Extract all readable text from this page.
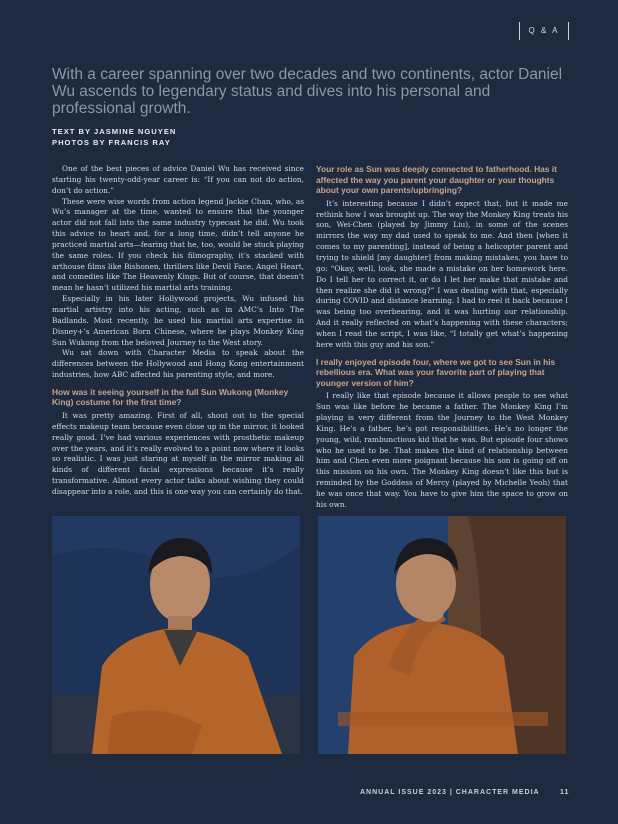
Q & A
With a career spanning over two decades and two continents, actor Daniel Wu ascends to legendary status and dives into his personal and professional growth.
TEXT BY JASMINE NGUYEN
PHOTOS BY FRANCIS RAY

One of the best pieces of advice Daniel Wu has received since starting his twenty-odd-year career is: “If you can not do action, don’t do action.”

These were wise words from action legend Jackie Chan, who, as Wu’s manager at the time, wanted to ensure that the younger actor did not fall into the same industry typecast he did. Wu took this advice to heart and, for a long time, didn’t tell anyone he practiced martial arts—fearing that he, too, would be stuck playing the same roles. If you check his filmography, it’s stacked with arthouse films like Bishonen, thrillers like Devil Face, Angel Heart, and comedies like The Heavenly Kings. But of course, that doesn’t mean he hasn’t utilized his martial arts training.

Especially in his later Hollywood projects, Wu infused his martial artistry into his acting, such as in AMC’s Into The Badlands. Most recently, he used his martial arts expertise in Disney+’s American Born Chinese, where he plays Monkey King Sun Wukong from the beloved Journey to the West story.

Wu sat down with Character Media to speak about the differences between the Hollywood and Hong Kong entertainment industries, how ABC affected his parenting style, and more.

How was it seeing yourself in the full Sun Wukong (Monkey King) costume for the first time?

It was pretty amazing. First of all, shout out to the special effects makeup team because even close up in the mirror, it looked really good. I’ve had various experiences with prosthetic makeup over the years, and it’s really evolved to a point now where it looks so realistic. I was just staring at myself in the mirror making all kinds of different facial expressions because it’s really transformative. Almost every actor talks about wishing they could disappear into a role, and this is one way you can certainly do that.

Your role as Sun was deeply connected to fatherhood. Has it affected the way you parent your daughter or your thoughts about your own parents/upbringing?

It’s interesting because I didn’t expect that, but it made me rethink how I was brought up. The way the Monkey King treats his son, Wei-Chen (played by Jimmy Liu), in some of the scenes mirrors the way my dad used to speak to me. And then [when it comes to my parenting], instead of being a helicopter parent and trying to shield [my daughter] from making mistakes, you have to go: “Okay, well, look, she made a mistake on her homework here. Do I tell her to correct it, or do I let her make that mistake and then realize she did it wrong?” I was dealing with that, especially during COVID and distance learning. I had to reel it back because I was being too overbearing, and it was hurting our relationship. And it really reflected on what’s happening with these characters; when I read the script, I was like, “I totally get what’s happening here with this guy and his son.”

I really enjoyed episode four, where we got to see Sun in his rebellious era. What was your favorite part of playing that younger version of him?

I really like that episode because it allows people to see what Sun was like before he became a father. The Monkey King I’m playing is very different from the Journey to the West Monkey King. He’s a father, he’s got responsibilities. He’s no longer the young, wild, rambunctious kid that he was. But episode four shows who he used to be. That makes the kind of relationship between him and Chen even more poignant because his son is going off on this mission on his own. The Monkey King doesn’t like this but is reminded by the Goddess of Mercy (played by Michelle Yeoh) that he was once that way. You have to give him the space to grow on his own.

ANNUAL ISSUE 2023 | CHARACTER MEDIA	11
